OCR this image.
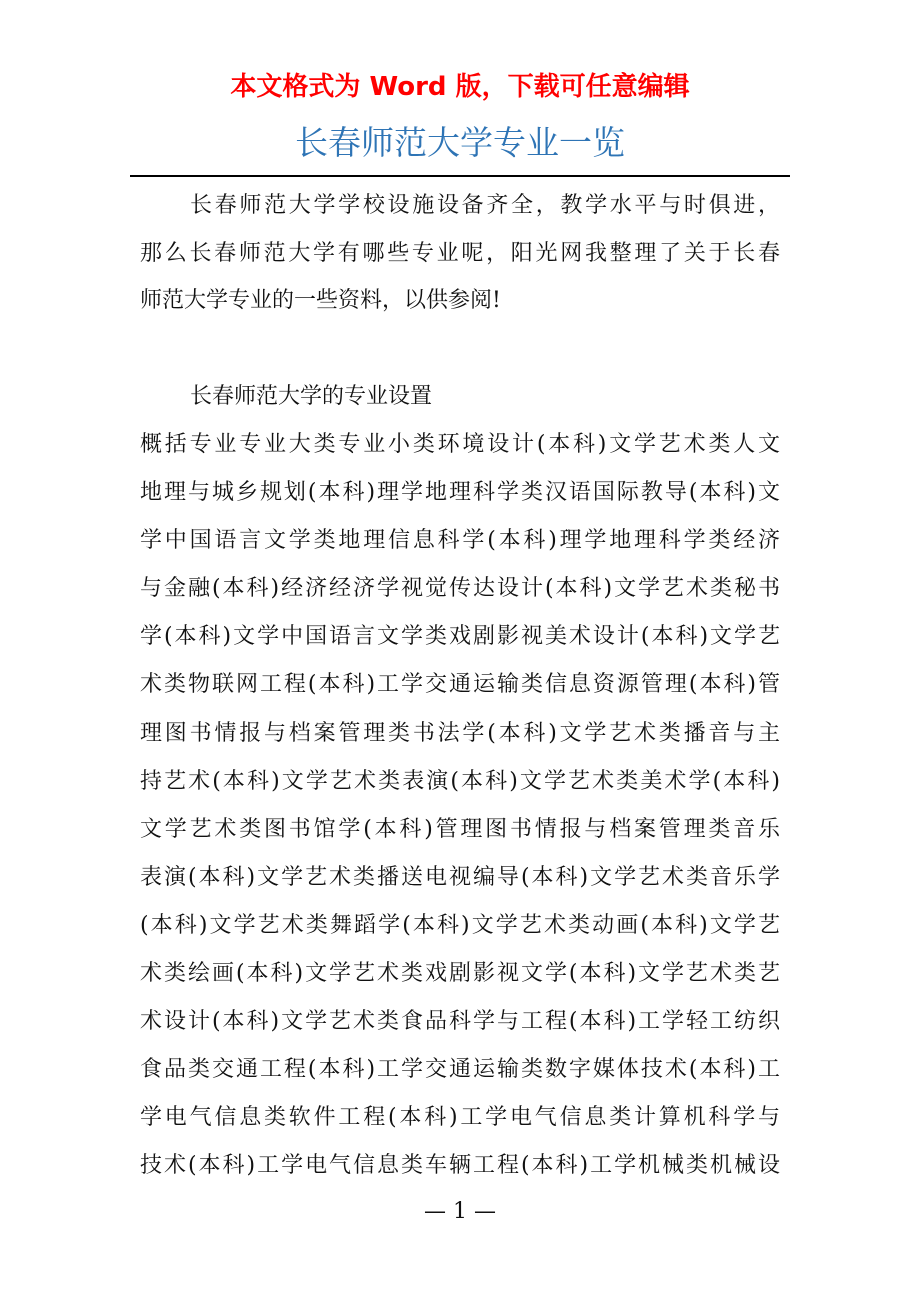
本文格式为 Word 版，下载可任意编辑
长春师范大学专业一览
长春师范大学学校设施设备齐全，教学水平与时俱进，
那么长春师范大学有哪些专业呢，阳光网我整理了关于长春
师范大学专业的一些资料，以供参阅!
长春师范大学的专业设置
概括专业专业大类专业小类环境设计(本科)文学艺术类人文
地理与城乡规划(本科)理学地理科学类汉语国际教导(本科)文
学中国语言文学类地理信息科学(本科)理学地理科学类经济
与金融(本科)经济经济学视觉传达设计(本科)文学艺术类秘书
学(本科)文学中国语言文学类戏剧影视美术设计(本科)文学艺
术类物联网工程(本科)工学交通运输类信息资源管理(本科)管
理图书情报与档案管理类书法学(本科)文学艺术类播音与主
持艺术(本科)文学艺术类表演(本科)文学艺术类美术学(本科)
文学艺术类图书馆学(本科)管理图书情报与档案管理类音乐
表演(本科)文学艺术类播送电视编导(本科)文学艺术类音乐学
(本科)文学艺术类舞蹈学(本科)文学艺术类动画(本科)文学艺
术类绘画(本科)文学艺术类戏剧影视文学(本科)文学艺术类艺
术设计(本科)文学艺术类食品科学与工程(本科)工学轻工纺织
食品类交通工程(本科)工学交通运输类数字媒体技术(本科)工
学电气信息类软件工程(本科)工学电气信息类计算机科学与
技术(本科)工学电气信息类车辆工程(本科)工学机械类机械设
— 1 —
